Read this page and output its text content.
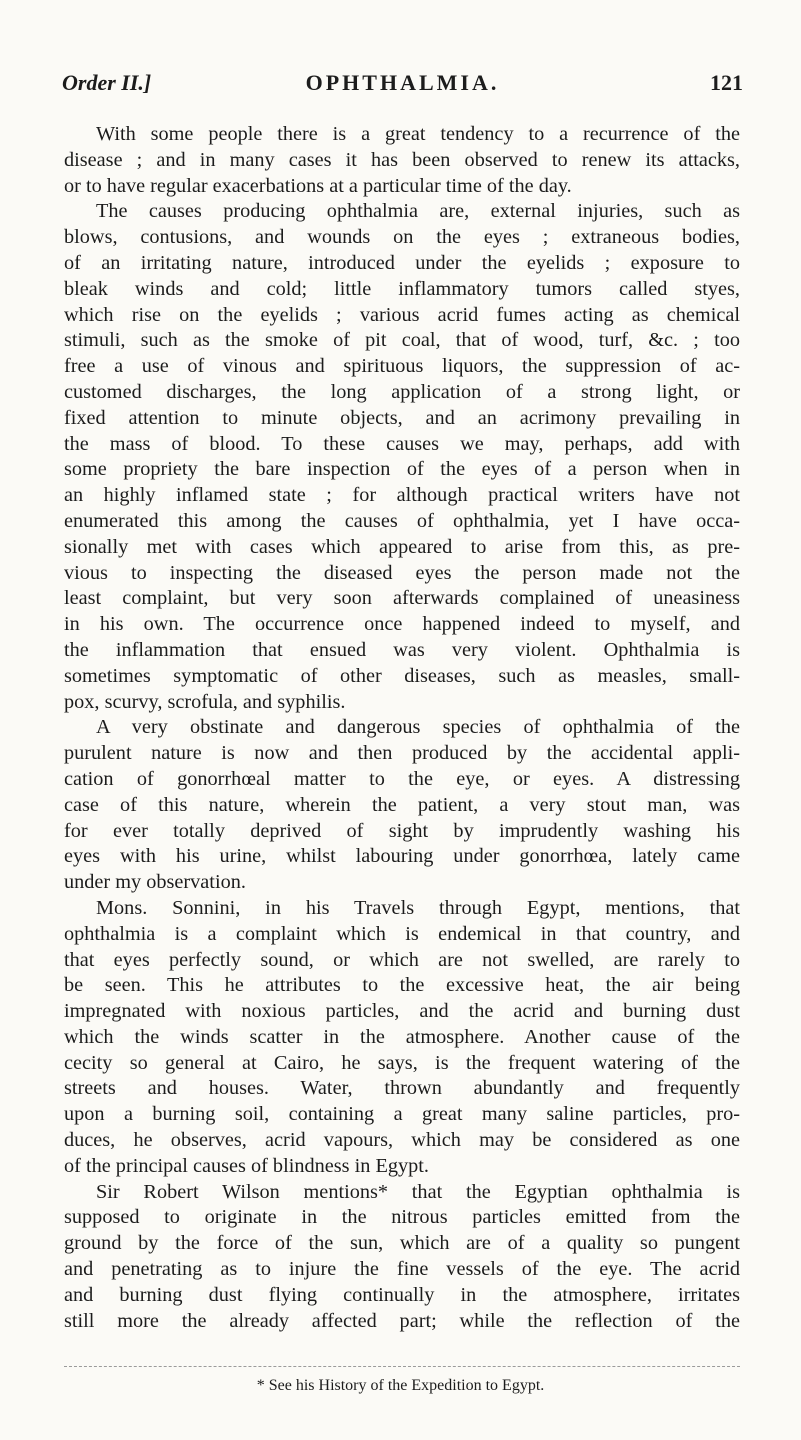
Order II.]	OPHTHALMIA.	121
With some people there is a great tendency to a recurrence of the
disease ; and in many cases it has been observed to renew its attacks,
or to have regular exacerbations at a particular time of the day.
The causes producing ophthalmia are, external injuries, such as
blows, contusions, and wounds on the eyes ; extraneous bodies,
of an irritating nature, introduced under the eyelids ; exposure to
bleak winds and cold; little inflammatory tumors called styes,
which rise on the eyelids ; various acrid fumes acting as chemical
stimuli, such as the smoke of pit coal, that of wood, turf, &c. ; too
free a use of vinous and spirituous liquors, the suppression of ac-
customed discharges, the long application of a strong light, or
fixed attention to minute objects, and an acrimony prevailing in
the mass of blood. To these causes we may, perhaps, add with
some propriety the bare inspection of the eyes of a person when in
an highly inflamed state ; for although practical writers have not
enumerated this among the causes of ophthalmia, yet I have occa-
sionally met with cases which appeared to arise from this, as pre-
vious to inspecting the diseased eyes the person made not the
least complaint, but very soon afterwards complained of uneasiness
in his own. The occurrence once happened indeed to myself, and
the inflammation that ensued was very violent. Ophthalmia is
sometimes symptomatic of other diseases, such as measles, small-
pox, scurvy, scrofula, and syphilis.
A very obstinate and dangerous species of ophthalmia of the
purulent nature is now and then produced by the accidental appli-
cation of gonorrhœal matter to the eye, or eyes. A distressing
case of this nature, wherein the patient, a very stout man, was
for ever totally deprived of sight by imprudently washing his
eyes with his urine, whilst labouring under gonorrhœa, lately came
under my observation.
Mons. Sonnini, in his Travels through Egypt, mentions, that
ophthalmia is a complaint which is endemical in that country, and
that eyes perfectly sound, or which are not swelled, are rarely to
be seen. This he attributes to the excessive heat, the air being
impregnated with noxious particles, and the acrid and burning dust
which the winds scatter in the atmosphere. Another cause of the
cecity so general at Cairo, he says, is the frequent watering of the
streets and houses. Water, thrown abundantly and frequently
upon a burning soil, containing a great many saline particles, pro-
duces, he observes, acrid vapours, which may be considered as one
of the principal causes of blindness in Egypt.
Sir Robert Wilson mentions* that the Egyptian ophthalmia is
supposed to originate in the nitrous particles emitted from the
ground by the force of the sun, which are of a quality so pungent
and penetrating as to injure the fine vessels of the eye. The acrid
and burning dust flying continually in the atmosphere, irritates
still more the already affected part; while the reflection of the
* See his History of the Expedition to Egypt.
